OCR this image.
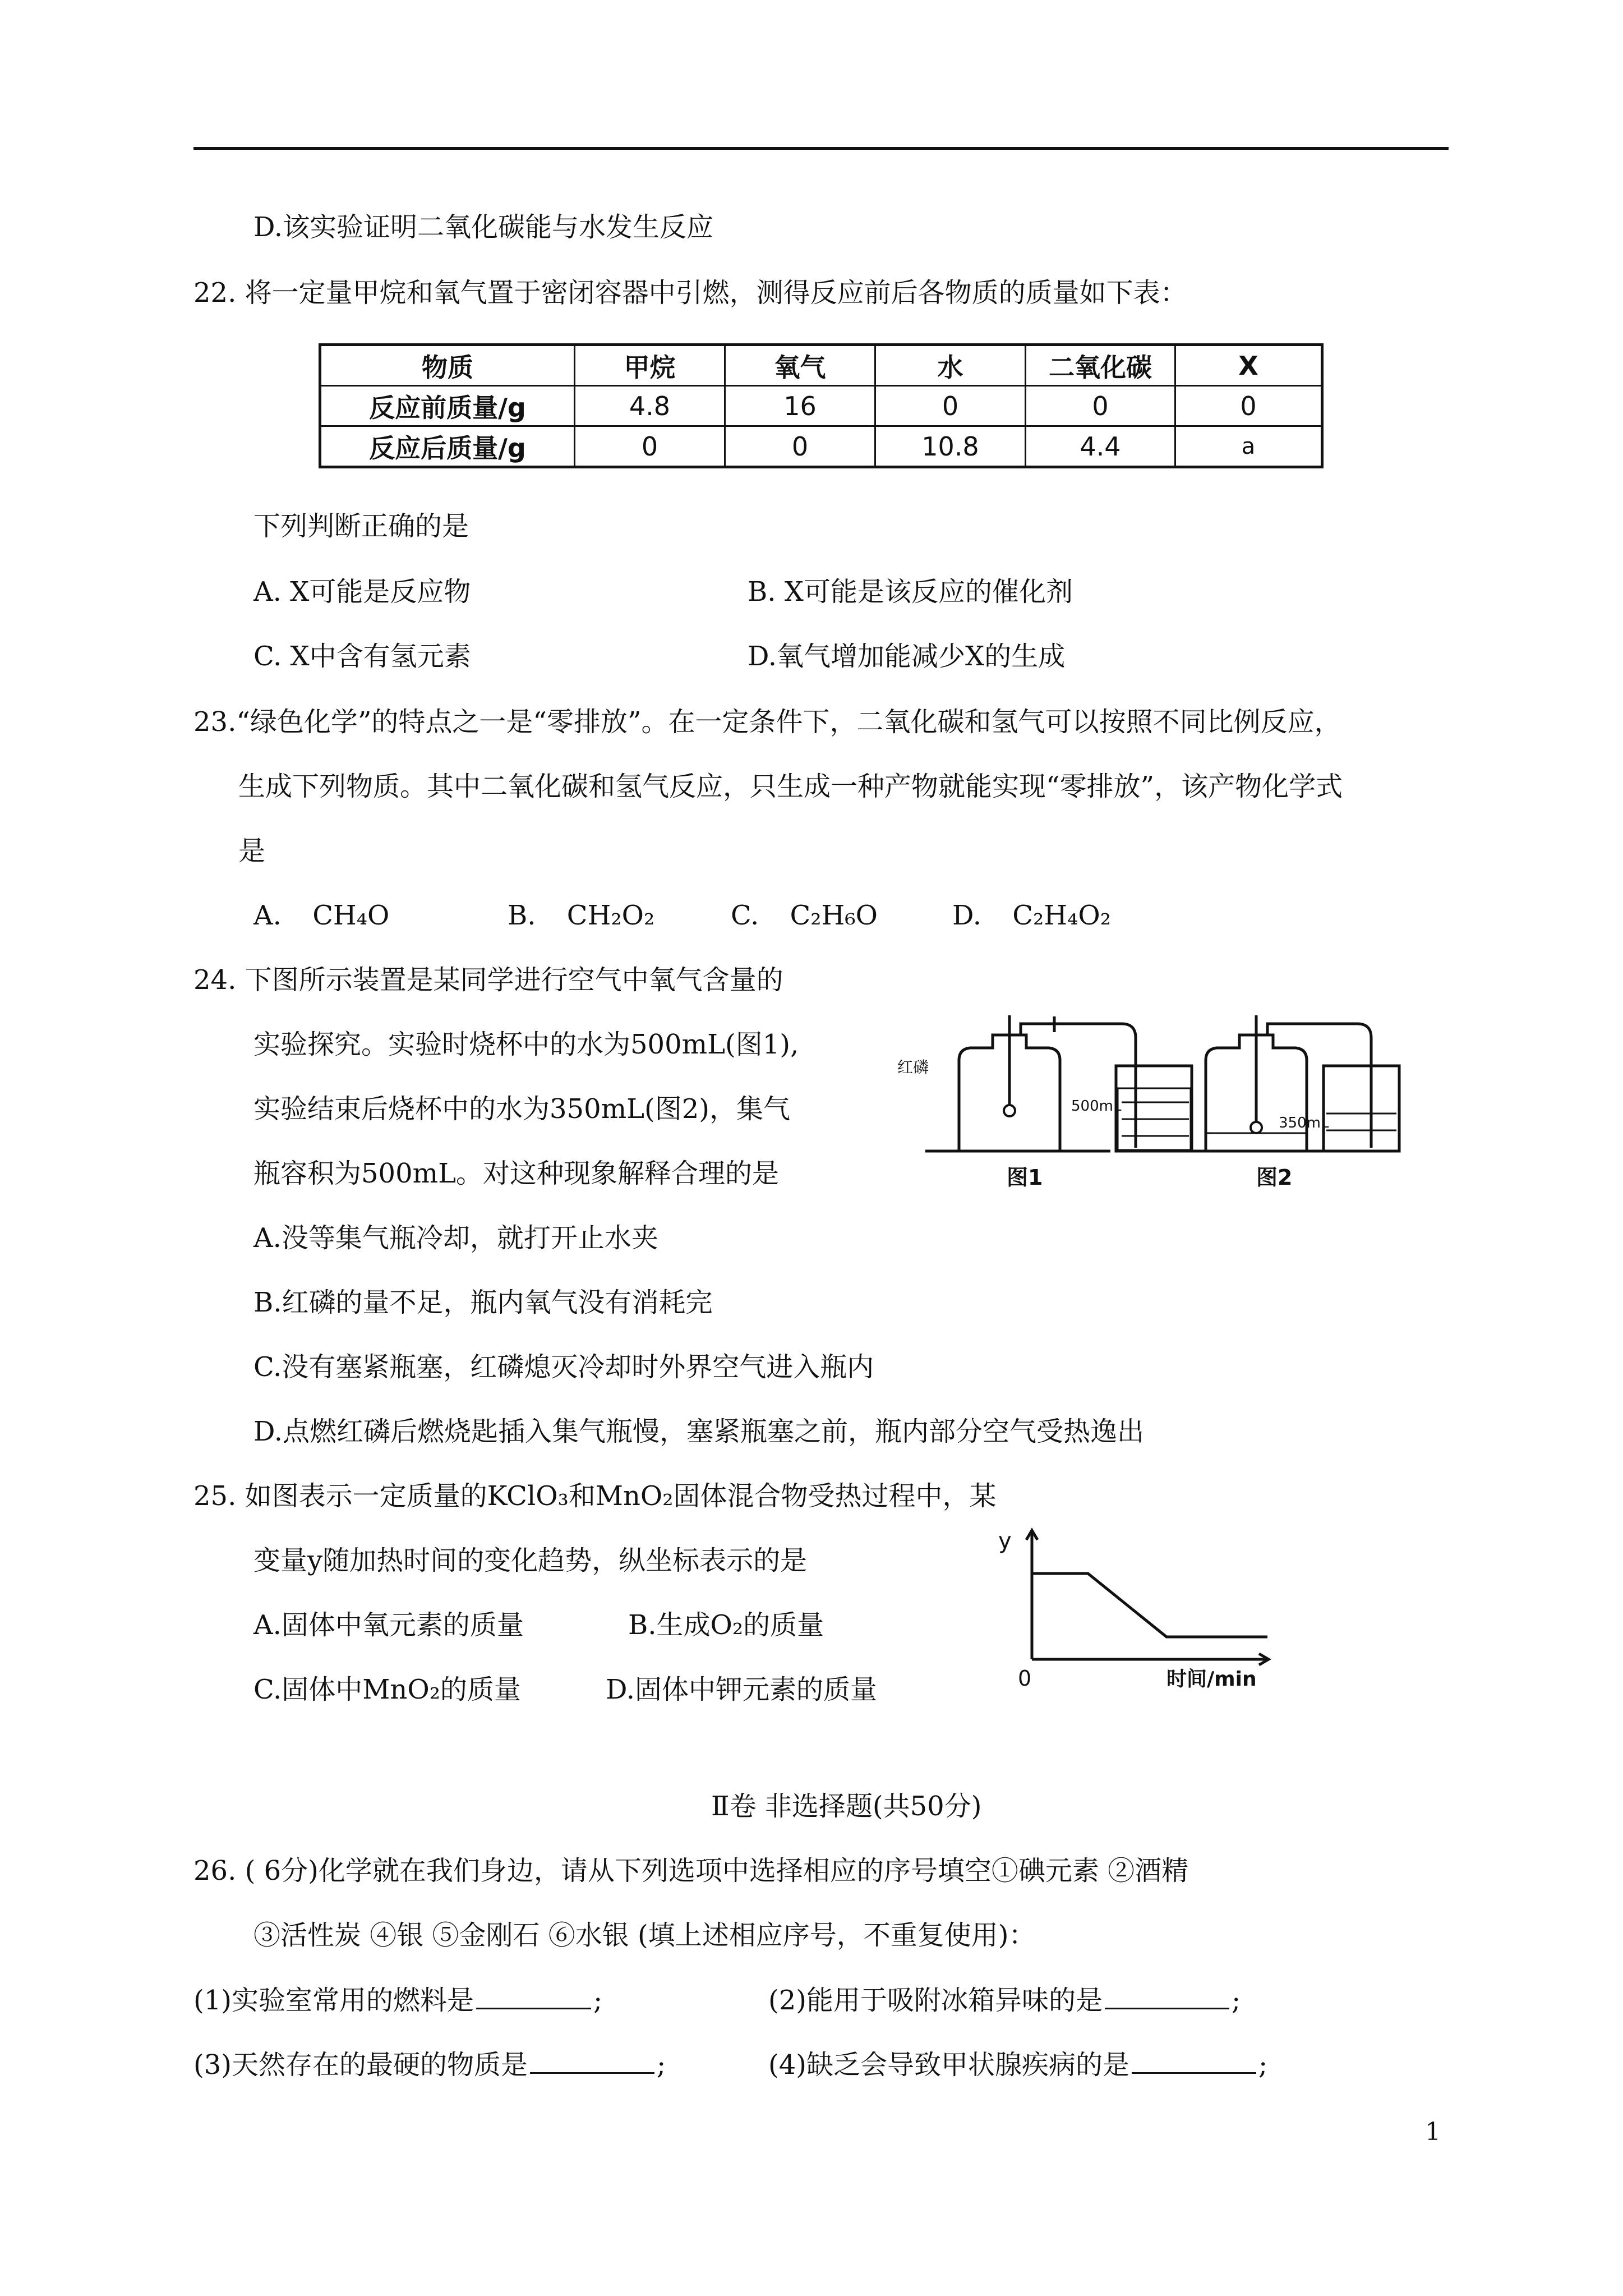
D.该实验证明二氧化碳能与水发生反应
22. 将一定量甲烷和氧气置于密闭容器中引燃，测得反应前后各物质的质量如下表：
物质	甲烷	氧气	水	二氧化碳	X
反应前质量/g	4.8	16	0	0	0
反应后质量/g	0	0	10.8	4.4	a
下列判断正确的是
A. X可能是反应物	B. X可能是该反应的催化剂
C. X中含有氢元素	D.氧气增加能减少X的生成
23.“绿色化学”的特点之一是“零排放”。在一定条件下，二氧化碳和氢气可以按照不同比例反应，
生成下列物质。其中二氧化碳和氢气反应，只生成一种产物就能实现“零排放”，该产物化学式
是
A. CH₄O	B. CH₂O₂	C. C₂H₆O	D. C₂H₄O₂
24. 下图所示装置是某同学进行空气中氧气含量的
实验探究。实验时烧杯中的水为500mL(图1),
实验结束后烧杯中的水为350mL(图2)，集气
瓶容积为500mL。对这种现象解释合理的是
A.没等集气瓶冷却，就打开止水夹
B.红磷的量不足，瓶内氧气没有消耗完
C.没有塞紧瓶塞，红磷熄灭冷却时外界空气进入瓶内
D.点燃红磷后燃烧匙插入集气瓶慢，塞紧瓶塞之前，瓶内部分空气受热逸出
红磷
500mL
图1
350mL
图2
25. 如图表示一定质量的KClO₃和MnO₂固体混合物受热过程中，某
变量y随加热时间的变化趋势，纵坐标表示的是
A.固体中氧元素的质量	B.生成O₂的质量
C.固体中MnO₂的质量	D.固体中钾元素的质量
y
0	时间/min
Ⅱ卷 非选择题(共50分)
26. ( 6分)化学就在我们身边，请从下列选项中选择相应的序号填空①碘元素 ②酒精
③活性炭 ④银 ⑤金刚石 ⑥水银 (填上述相应序号，不重复使用)：
(1)实验室常用的燃料是	;	(2)能用于吸附冰箱异味的是	;
(3)天然存在的最硬的物质是	;	(4)缺乏会导致甲状腺疾病的是	;
1
